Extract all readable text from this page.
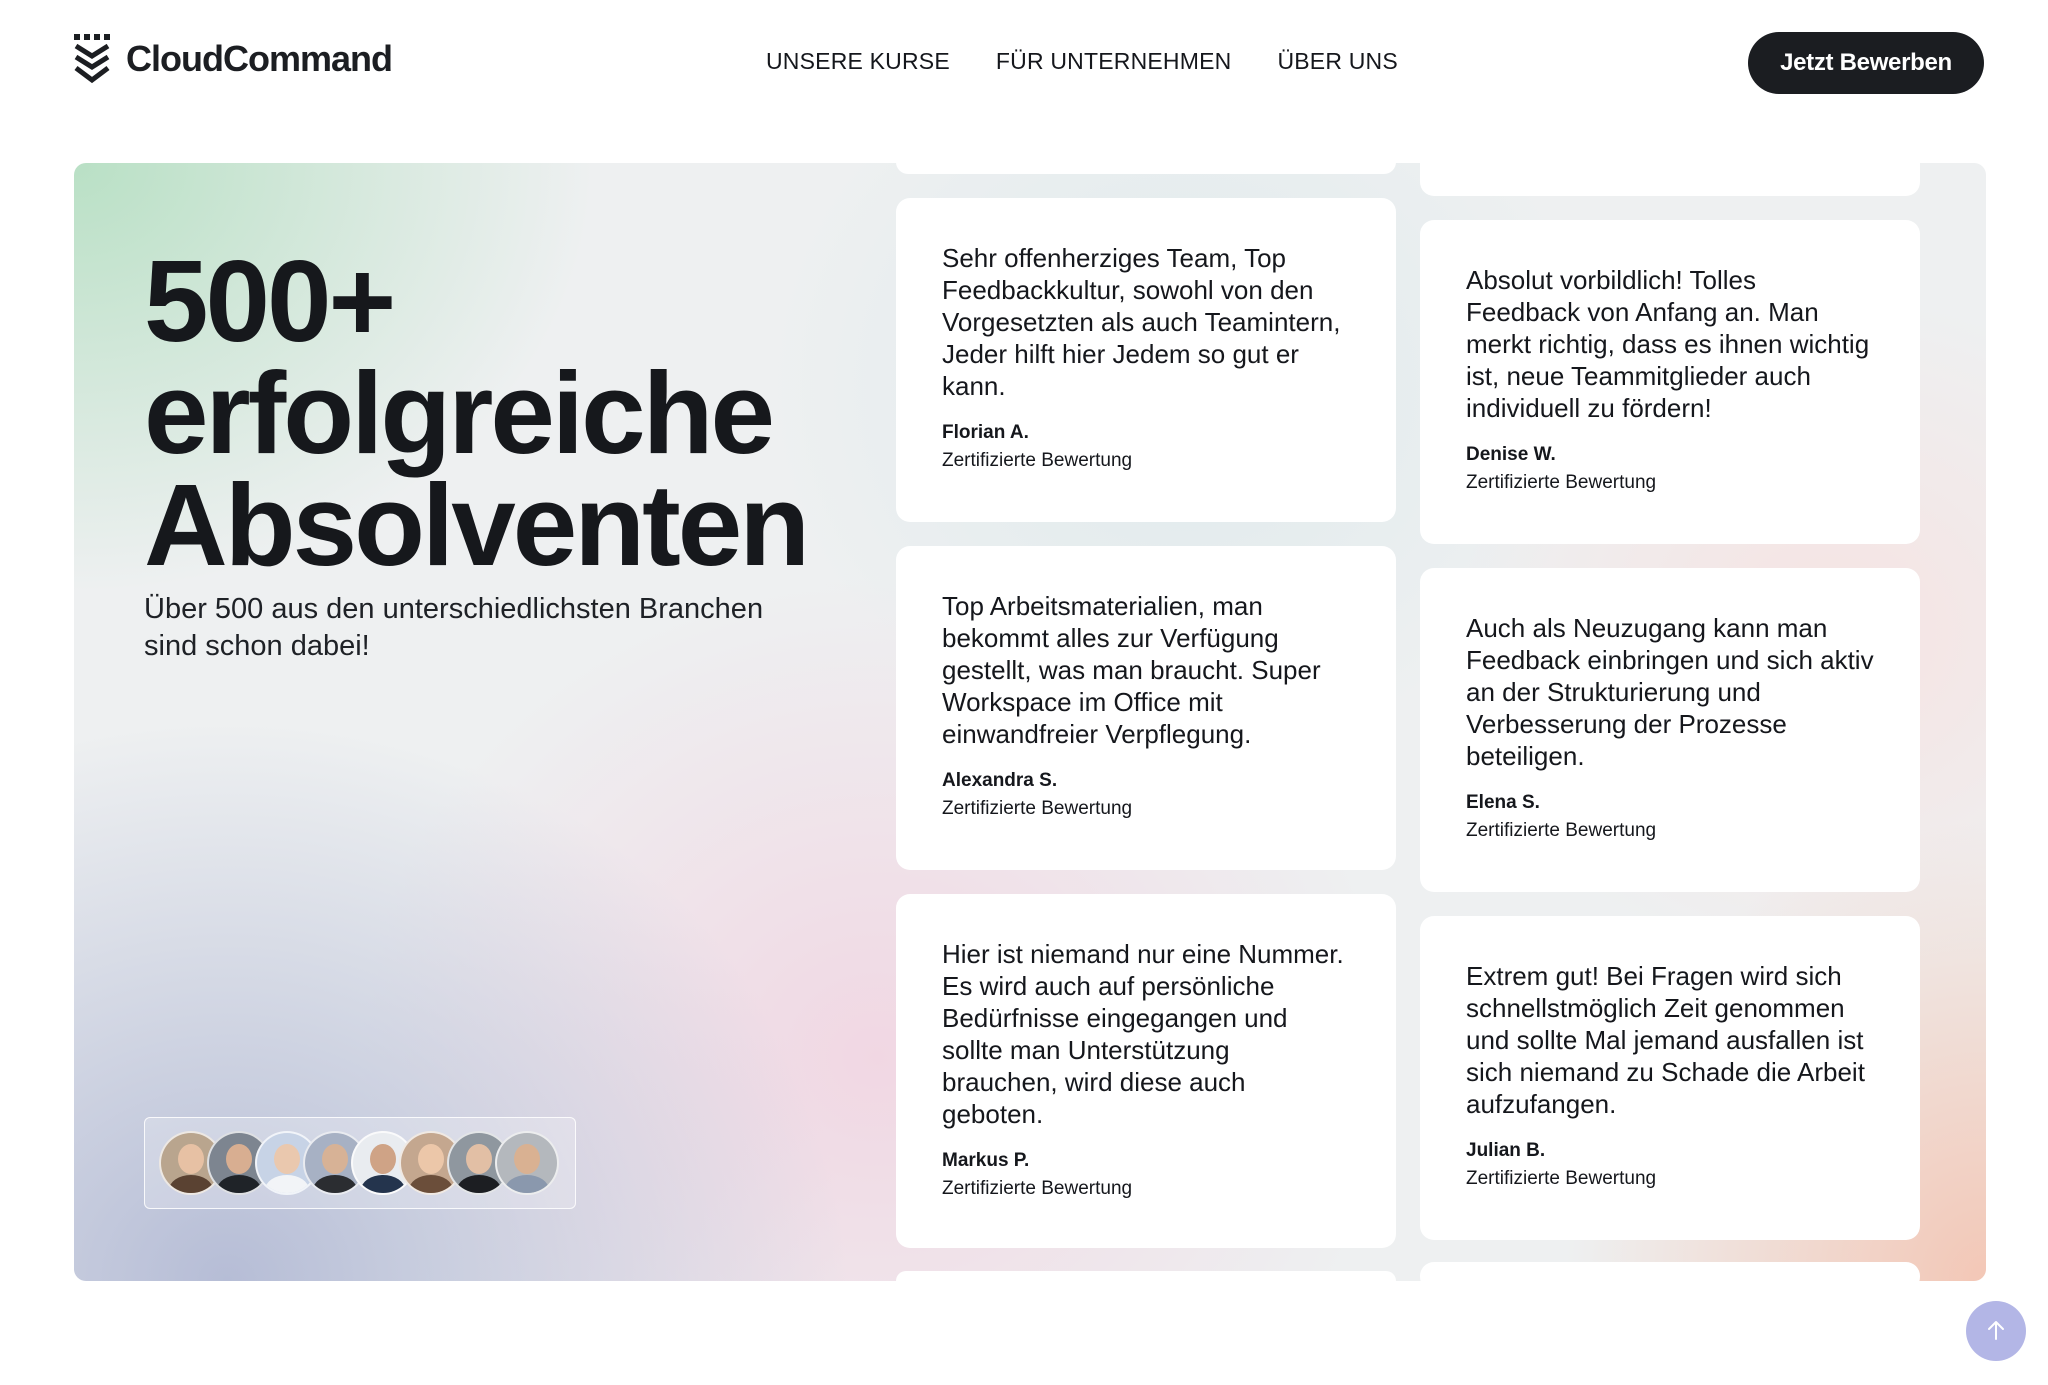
CloudCommand	UNSERE KURSE FÜR UNTERNEHMEN ÜBER UNS	Jetzt Bewerben
500+
erfolgreiche
Absolventen

Über 500 aus den unterschiedlichsten Branchen sind schon dabei!

Sehr offenherziges Team, Top Feedbackkultur, sowohl von den Vorgesetzten als auch Teamintern, Jeder hilft hier Jedem so gut er kann.

Florian A.

Zertifizierte Bewertung

Absolut vorbildlich! Tolles Feedback von Anfang an. Man merkt richtig, dass es ihnen wichtig ist, neue Teammitglieder auch individuell zu fördern!

Denise W.

Zertifizierte Bewertung

Top Arbeitsmaterialien, man bekommt alles zur Verfügung gestellt, was man braucht. Super Workspace im Office mit einwandfreier Verpflegung.

Alexandra S.

Zertifizierte Bewertung

Auch als Neuzugang kann man Feedback einbringen und sich aktiv an der Strukturierung und Verbesserung der Prozesse beteiligen.

Elena S.

Zertifizierte Bewertung

Hier ist niemand nur eine Nummer. Es wird auch auf persönliche Bedürfnisse eingegangen und sollte man Unterstützung brauchen, wird diese auch geboten.

Markus P.

Zertifizierte Bewertung

Extrem gut! Bei Fragen wird sich schnellstmöglich Zeit genommen und sollte Mal jemand ausfallen ist sich niemand zu Schade die Arbeit aufzufangen.

Julian B.

Zertifizierte Bewertung
